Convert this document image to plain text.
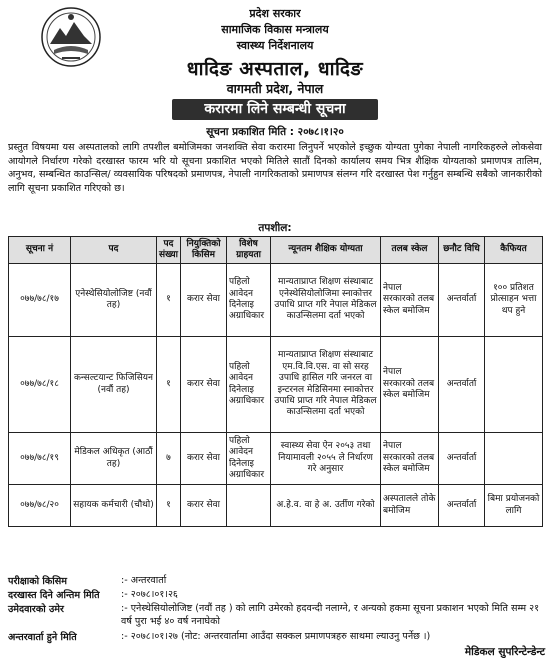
प्रदेश सरकार
सामाजिक विकास मन्त्रालय
स्वास्थ्य निर्देशनालय
धादिङ अस्पताल, धादिङ
वागमती प्रदेश, नेपाल
करारमा लिने सम्बन्धी सूचना
सूचना प्रकाशित मिति : २०७८।१।२०
प्रस्तुत विषयमा यस अस्पतालको लागि तपशील बमोजिमका जनशक्ति सेवा करारमा लिनुपर्ने भएकोले इच्छुक योग्यता पुगेका नेपाली नागरिकहरुले लोकसेवा आयोगले निर्धारण गरेको दरखास्त फारम भरि यो सूचना प्रकाशित भएको मितिले सातौं दिनको कार्यालय समय भित्र शैक्षिक योग्यताको प्रमाणपत्र तालिम, अनुभव, सम्बन्धित काउन्सिल/ व्यवसायिक परिषदको प्रमाणपत्र, नेपाली नागरिकताको प्रमाणपत्र संलग्न गरि दरखास्त पेश गर्नुहुन सम्बन्धि सबैको जानकारीको लागि सूचना प्रकाशित गरिएको छ।
तपशील:
सूचना नं	पद	पद संख्या	नियुक्तिको किसिम	विशेष ग्राहयता	न्यूनतम शैक्षिक योग्यता	तलब स्केल	छनौट विधि	कैफियत
०७७/७८/१७	एनेस्थेसियोलोजिष्ट (नवौं तह)	१	करार सेवा	पहिलो आवेदन दिनेलाइ अग्राधिकार	मान्यताप्राप्त शिक्षण संस्थाबाट एनेस्थेसियोलोजिमा स्नाकोत्तर उपाधि प्राप्त गरि नेपाल मेडिकल काउन्सिलमा दर्ता भएको	नेपाल सरकारको तलब स्केल बमोजिम	अन्तर्वार्ता	१०० प्रतिशत प्रोत्साहन भत्ता थप हुने
०७७/७८/१८	कन्सल्टयान्ट फिजिसियन (नवौं तह)	१	करार सेवा	पहिलो आवेदन दिनेलाइ अग्राधिकार	मान्यताप्राप्त शिक्षण संस्थाबाट एम.वि.वि.एस. वा सो सरह उपाधि हासिल गरि जनरल वा इन्टरनल मेडिसिनमा स्नाकोत्तर उपाधि प्राप्त गरि नेपाल मेडिकल काउन्सिलमा दर्ता भएको	नेपाल सरकारको तलब स्केल बमोजिम	अन्तर्वार्ता	
०७७/७८/१९	मेडिकल अधिकृत (आठौं तह)	७	करार सेवा	पहिलो आवेदन दिनेलाइ अग्राधिकार	स्वास्थ्य सेवा ऐन २०५३ तथा नियामावली २०५५ ले निर्धारण गरे अनुसार	नेपाल सरकारको तलब स्केल बमोजिम	अन्तर्वार्ता	
०७७/७८/२०	सहायक कर्मचारी (चौथो)	१	करार सेवा		अ.हे.व. वा हे अ. उर्तीण गरेको	अस्पतालले तोके बमोजिम	अन्तर्वार्ता	बिमा प्रयोजनको लागि
परीक्षाको किसिम	:- अन्तरवार्ता
दरखास्त दिने अन्तिम मिति :- २०७८।०१।२६
उमेदवारको उमेर	:- एनेस्थेसियोलोजिष्ट (नवौं तह ) को लागि उमेरको हदवन्दी नलाग्ने, र अन्यको हकमा सूचना प्रकाशन भएको मिति सम्म २१ वर्ष पुरा भई ४० वर्ष ननाघेको
अन्तरवार्ता हुने मिति	:- २०७८।०१।२७ (नोट: अन्तरवार्तामा आउँदा सक्कल प्रमाणपत्रहरु साथमा ल्याउनु पर्नेछ ।)
मेडिकल सुपरिन्टेन्डेन्ट
